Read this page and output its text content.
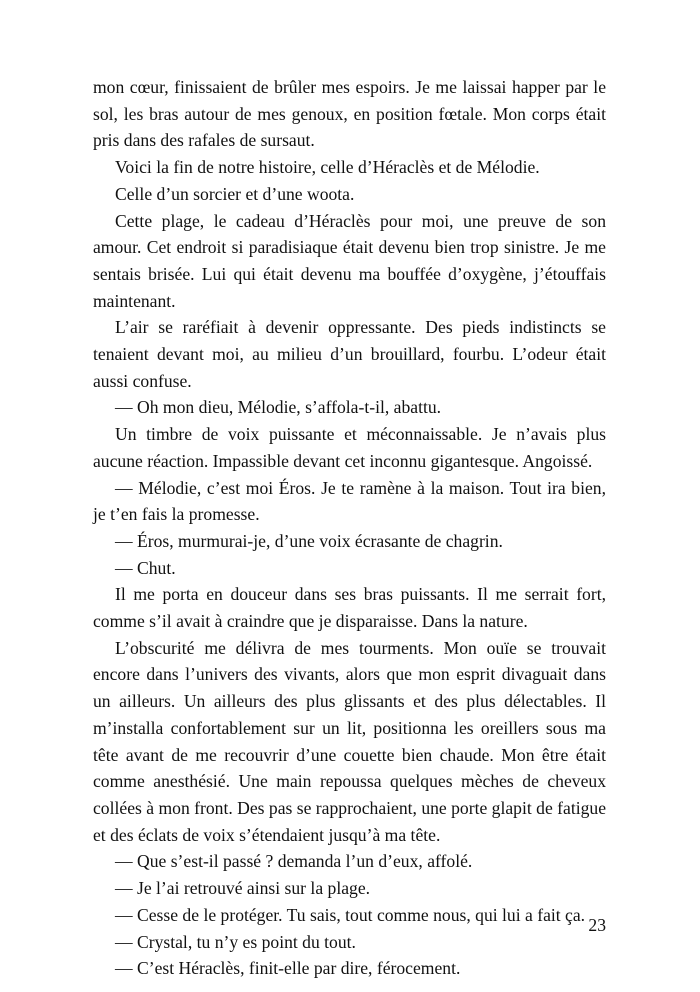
mon cœur, finissaient de brûler mes espoirs. Je me laissai happer par le sol, les bras autour de mes genoux, en position fœtale. Mon corps était pris dans des rafales de sursaut.

Voici la fin de notre histoire, celle d’Héraclès et de Mélodie.

Celle d’un sorcier et d’une woota.

Cette plage, le cadeau d’Héraclès pour moi, une preuve de son amour. Cet endroit si paradisiaque était devenu bien trop sinistre. Je me sentais brisée. Lui qui était devenu ma bouffée d’oxygène, j’étouffais maintenant.

L’air se raréfiait à devenir oppressante. Des pieds indistincts se tenaient devant moi, au milieu d’un brouillard, fourbu. L’odeur était aussi confuse.

— Oh mon dieu, Mélodie, s’affola-t-il, abattu.

Un timbre de voix puissante et méconnaissable. Je n’avais plus aucune réaction. Impassible devant cet inconnu gigantesque. Angoissé.

— Mélodie, c’est moi Éros. Je te ramène à la maison. Tout ira bien, je t’en fais la promesse.

— Éros, murmurai-je, d’une voix écrasante de chagrin.

— Chut.

Il me porta en douceur dans ses bras puissants. Il me serrait fort, comme s’il avait à craindre que je disparaisse. Dans la nature.

L’obscurité me délivra de mes tourments. Mon ouïe se trouvait encore dans l’univers des vivants, alors que mon esprit divaguait dans un ailleurs. Un ailleurs des plus glissants et des plus délectables. Il m’installa confortablement sur un lit, positionna les oreillers sous ma tête avant de me recouvrir d’une couette bien chaude. Mon être était comme anesthésié. Une main repoussa quelques mèches de cheveux collées à mon front. Des pas se rapprochaient, une porte glapit de fatigue et des éclats de voix s’étendaient jusqu’à ma tête.

— Que s’est-il passé ? demanda l’un d’eux, affolé.

— Je l’ai retrouvé ainsi sur la plage.

— Cesse de le protéger. Tu sais, tout comme nous, qui lui a fait ça.

— Crystal, tu n’y es point du tout.

— C’est Héraclès, finit-elle par dire, férocement.

23
